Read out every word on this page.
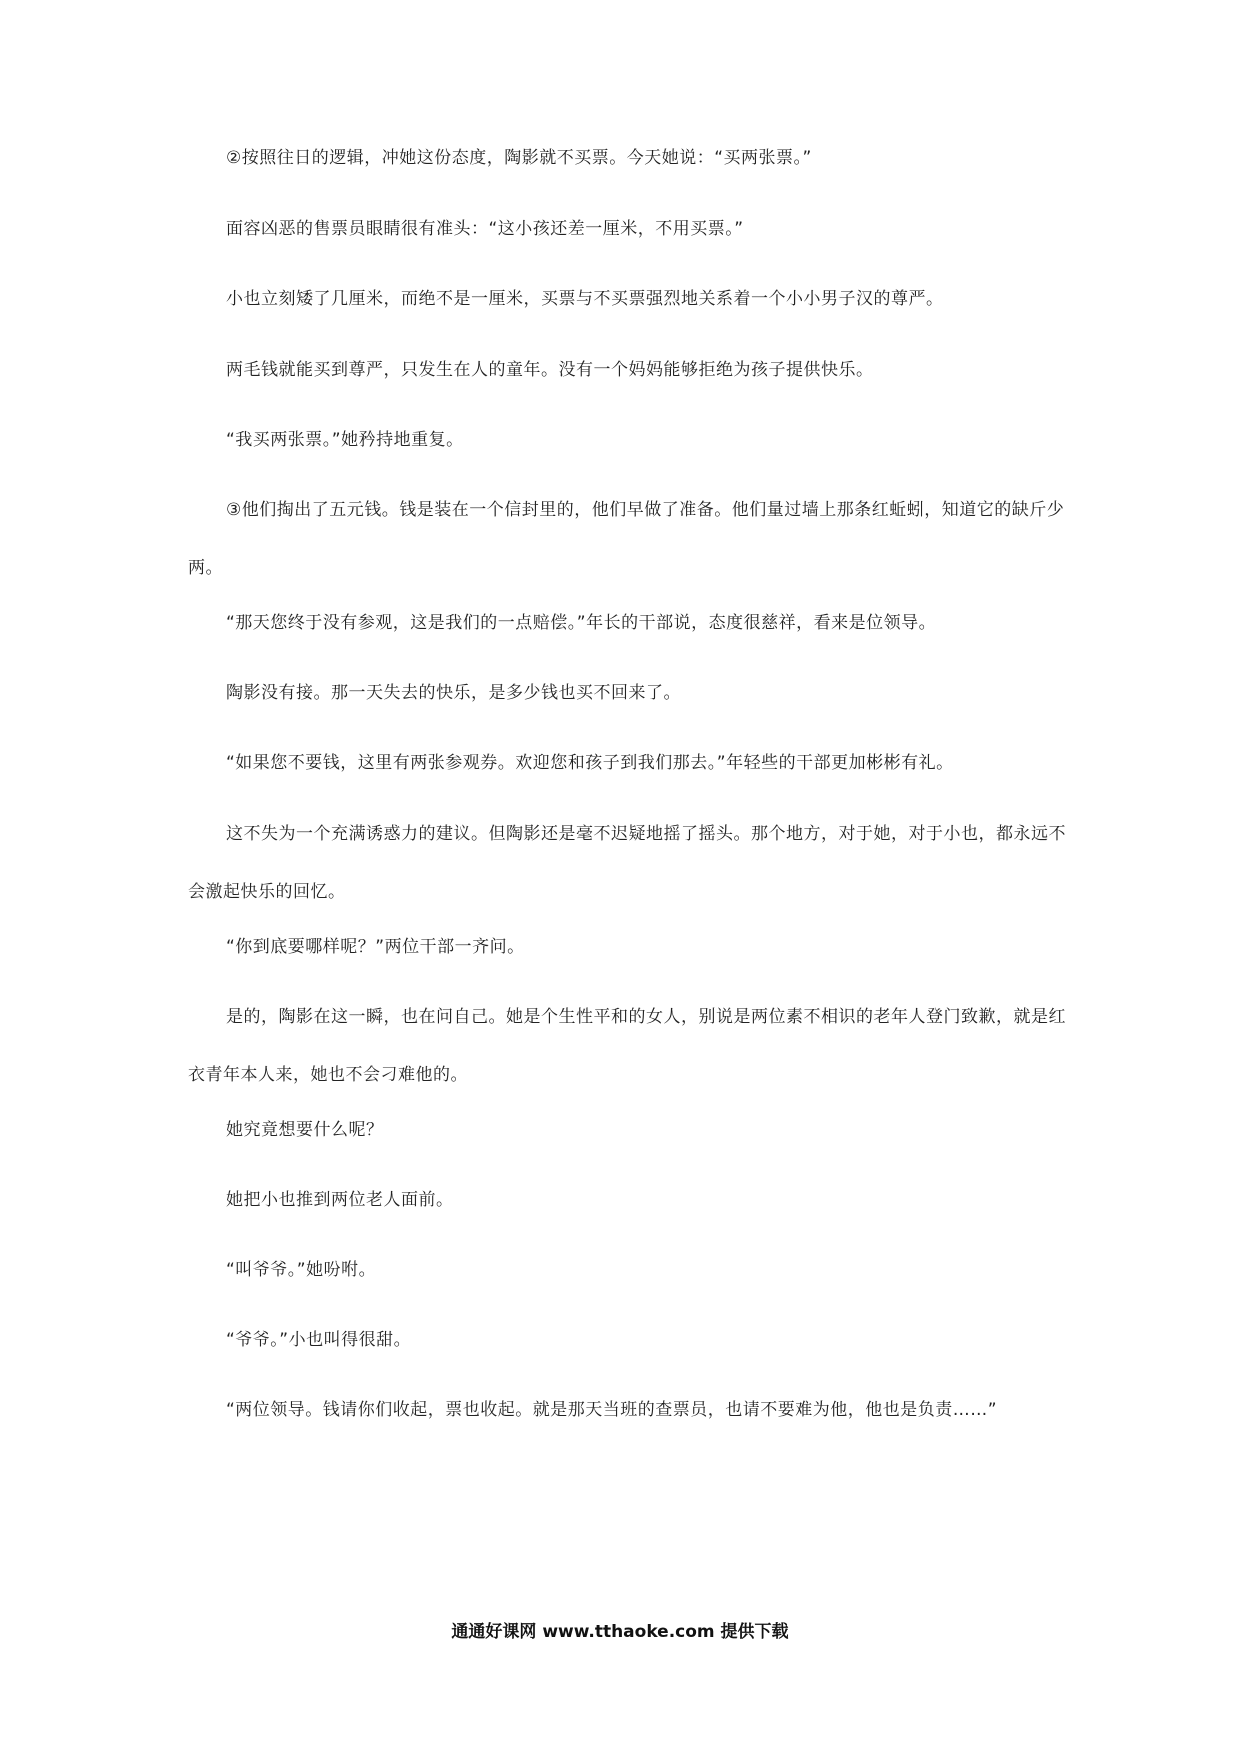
②按照往日的逻辑，冲她这份态度，陶影就不买票。今天她说：“买两张票。”

面容凶恶的售票员眼睛很有准头：“这小孩还差一厘米，不用买票。”

小也立刻矮了几厘米，而绝不是一厘米，买票与不买票强烈地关系着一个小小男子汉的尊严。

两毛钱就能买到尊严，只发生在人的童年。没有一个妈妈能够拒绝为孩子提供快乐。

“我买两张票。”她矜持地重复。

③他们掏出了五元钱。钱是装在一个信封里的，他们早做了准备。他们量过墙上那条红蚯蚓，知道它的缺斤少两。

“那天您终于没有参观，这是我们的一点赔偿。”年长的干部说，态度很慈祥，看来是位领导。

陶影没有接。那一天失去的快乐，是多少钱也买不回来了。

“如果您不要钱，这里有两张参观券。欢迎您和孩子到我们那去。”年轻些的干部更加彬彬有礼。

这不失为一个充满诱惑力的建议。但陶影还是毫不迟疑地摇了摇头。那个地方，对于她，对于小也，都永远不会激起快乐的回忆。

“你到底要哪样呢？”两位干部一齐问。

是的，陶影在这一瞬，也在问自己。她是个生性平和的女人，别说是两位素不相识的老年人登门致歉，就是红衣青年本人来，她也不会刁难他的。

她究竟想要什么呢？

她把小也推到两位老人面前。

“叫爷爷。”她吩咐。

“爷爷。”小也叫得很甜。

“两位领导。钱请你们收起，票也收起。就是那天当班的查票员，也请不要难为他，他也是负责……”

通通好课网 www.tthaoke.com 提供下载
